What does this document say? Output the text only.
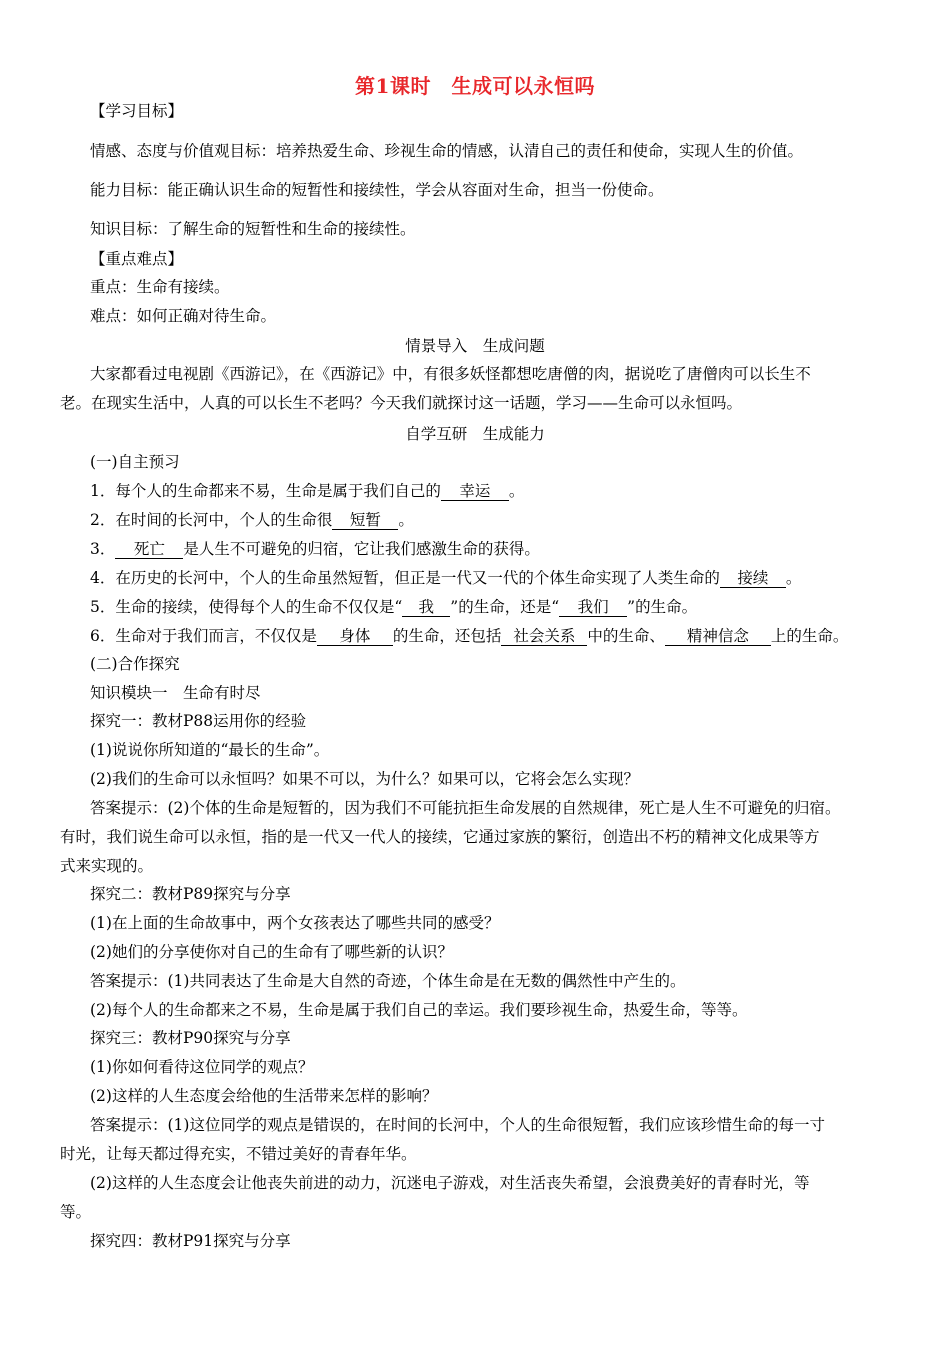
第1课时　生成可以永恒吗
【学习目标】
情感、态度与价值观目标：培养热爱生命、珍视生命的情感，认清自己的责任和使命，实现人生的价值。
能力目标：能正确认识生命的短暂性和接续性，学会从容面对生命，担当一份使命。
知识目标：了解生命的短暂性和生命的接续性。
【重点难点】
重点：生命有接续。
难点：如何正确对待生命。
情景导入　生成问题
大家都看过电视剧《西游记》，在《西游记》中，有很多妖怪都想吃唐僧的肉，据说吃了唐僧肉可以长生不
老。在现实生活中，人真的可以长生不老吗？今天我们就探讨这一话题，学习——生命可以永恒吗。
自学互研　生成能力
(一)自主预习
1．每个人的生命都来不易，生命是属于我们自己的 幸运 。
2．在时间的长河中，个人的生命很 短暂 。
3． 死亡 是人生不可避免的归宿，它让我们感激生命的获得。
4．在历史的长河中，个人的生命虽然短暂，但正是一代又一代的个体生命实现了人类生命的 接续 。
5．生命的接续，使得每个人的生命不仅仅是“ 我 ”的生命，还是“ 我们 ”的生命。
6．生命对于我们而言，不仅仅是 身体 的生命，还包括 社会关系 中的生命、 精神信念 上的生命。
(二)合作探究
知识模块一　生命有时尽
探究一：教材P88运用你的经验
(1)说说你所知道的“最长的生命”。
(2)我们的生命可以永恒吗？如果不可以，为什么？如果可以，它将会怎么实现？
答案提示：(2)个体的生命是短暂的，因为我们不可能抗拒生命发展的自然规律，死亡是人生不可避免的归宿。
有时，我们说生命可以永恒，指的是一代又一代人的接续，它通过家族的繁衍，创造出不朽的精神文化成果等方
式来实现的。
探究二：教材P89探究与分享
(1)在上面的生命故事中，两个女孩表达了哪些共同的感受？
(2)她们的分享使你对自己的生命有了哪些新的认识？
答案提示：(1)共同表达了生命是大自然的奇迹，个体生命是在无数的偶然性中产生的。
(2)每个人的生命都来之不易，生命是属于我们自己的幸运。我们要珍视生命，热爱生命，等等。
探究三：教材P90探究与分享
(1)你如何看待这位同学的观点？
(2)这样的人生态度会给他的生活带来怎样的影响？
答案提示：(1)这位同学的观点是错误的，在时间的长河中，个人的生命很短暂，我们应该珍惜生命的每一寸
时光，让每天都过得充实，不错过美好的青春年华。
(2)这样的人生态度会让他丧失前进的动力，沉迷电子游戏，对生活丧失希望，会浪费美好的青春时光，等
等。
探究四：教材P91探究与分享
